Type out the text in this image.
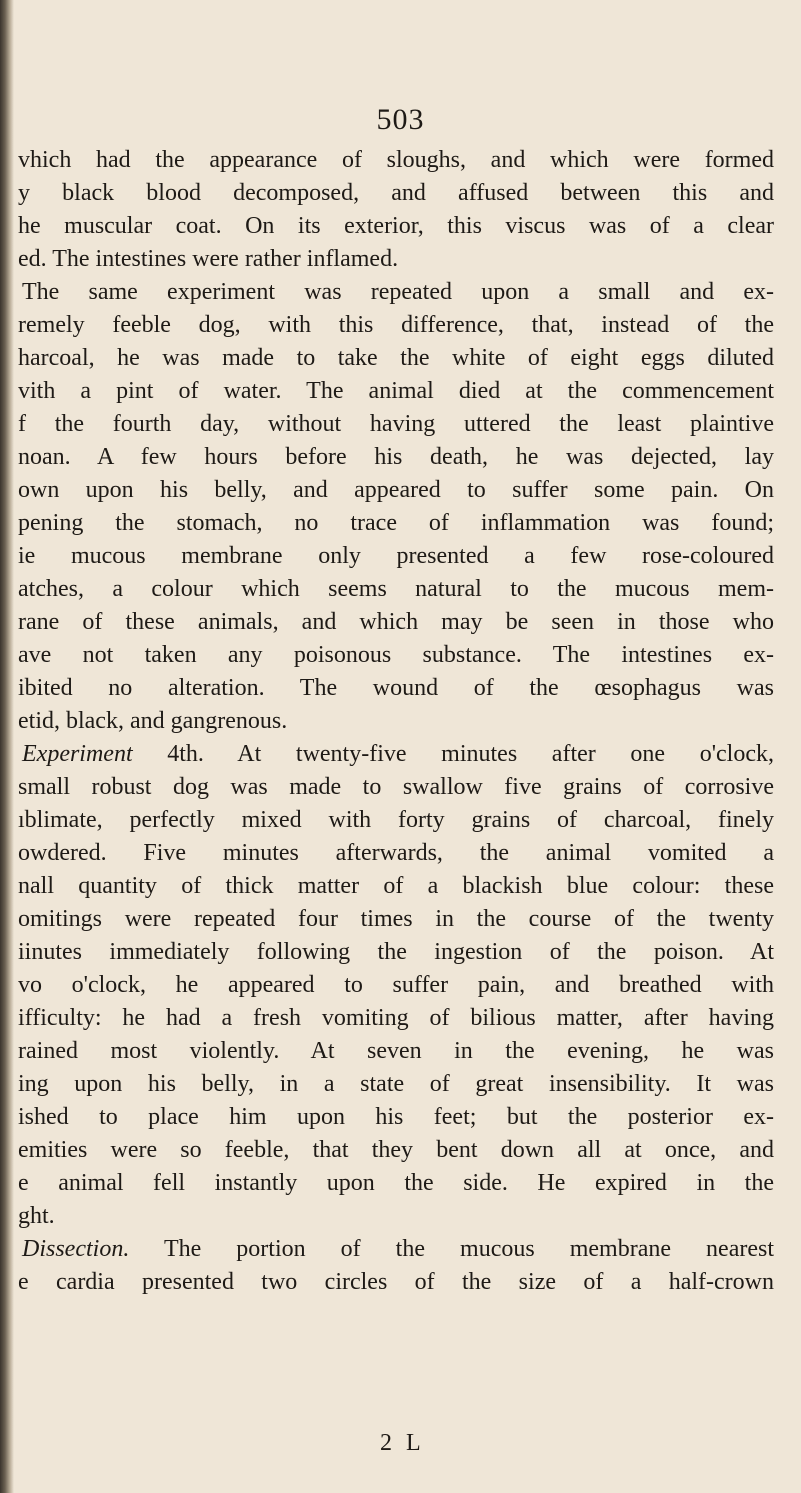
503
vhich had the appearance of sloughs, and which were formed
y black blood decomposed, and affused between this and
he muscular coat. On its exterior, this viscus was of a clear
ed. The intestines were rather inflamed.
The same experiment was repeated upon a small and ex-
remely feeble dog, with this difference, that, instead of the
harcoal, he was made to take the white of eight eggs diluted
vith a pint of water. The animal died at the commencement
f the fourth day, without having uttered the least plaintive
noan. A few hours before his death, he was dejected, lay
own upon his belly, and appeared to suffer some pain. On
pening the stomach, no trace of inflammation was found;
ie mucous membrane only presented a few rose-coloured
atches, a colour which seems natural to the mucous mem-
rane of these animals, and which may be seen in those who
ave not taken any poisonous substance. The intestines ex-
ibited no alteration. The wound of the œsophagus was
etid, black, and gangrenous.
Experiment 4th. At twenty-five minutes after one o'clock,
small robust dog was made to swallow five grains of corrosive
ıblimate, perfectly mixed with forty grains of charcoal, finely
owdered. Five minutes afterwards, the animal vomited a
nall quantity of thick matter of a blackish blue colour: these
omitings were repeated four times in the course of the twenty
iinutes immediately following the ingestion of the poison. At
vo o'clock, he appeared to suffer pain, and breathed with
ifficulty: he had a fresh vomiting of bilious matter, after having
rained most violently. At seven in the evening, he was
ing upon his belly, in a state of great insensibility. It was
ished to place him upon his feet; but the posterior ex-
emities were so feeble, that they bent down all at once, and
e animal fell instantly upon the side. He expired in the
ght.
Dissection. The portion of the mucous membrane nearest
e cardia presented two circles of the size of a half-crown
2 L
